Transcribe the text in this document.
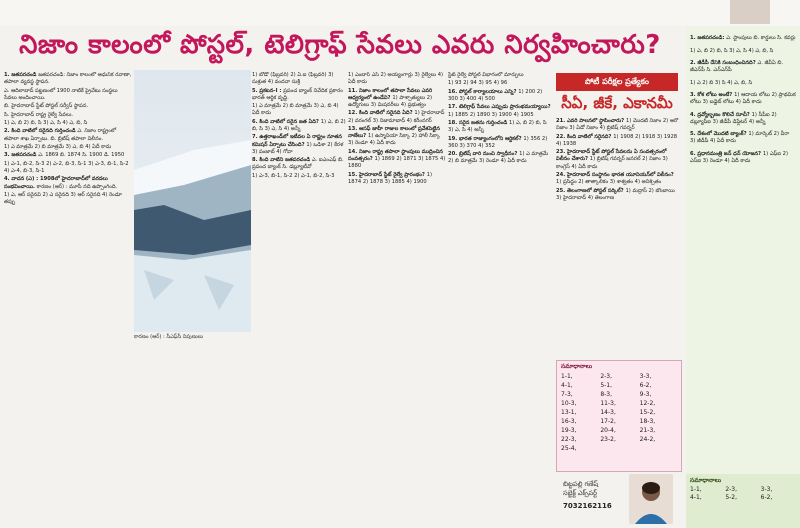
నిజాం కాలంలో పోస్టల్, టెలిగ్రాఫ్ సేవలు ఎవరు నిర్వహించారు?

1. జతపరచండి జతపరచండి: నిజాం కాలంలో ఆధునిక రవాణా, తపాలా వ్యవస్థ స్థాపన.

ఎ. ఆదిలాబాద్ పట్టణంలో 1900 నాటికే ప్రైవేటు సంస్థలు సేవలు అందించాయి.

బి. హైదరాబాద్ స్టేట్ పోస్టల్ సర్వీస్ స్థాపన.

సి. హైదరాబాద్ రాష్ట్ర రైల్వే సేవలు.

1) ఎ, బి 2) బి, సి 3) ఎ, సి 4) ఎ, బి, సి

2. కింది వాటిలో సరైనది గుర్తించండి ఎ. నిజాం రాష్ట్రంలో తపాలా శాఖ ఏర్పాటు. బి. బ్రిటిష్ తపాలా విలీనం.

1) ఎ మాత్రమే 2) బి మాత్రమే 3) ఎ, బి 4) ఏదీ కాదు

3. జతపరచండి ఎ. 1869 బి. 1874 సి. 1900 డి. 1950

1) ఎ-1, బి-2, సి-3 2) ఎ-2, బి-3, సి-1 3) ఎ-3, బి-1, సి-2 4) ఎ-4, బి-3, సి-1

4. వాదన (ఎ) : 1908లో హైదరాబాద్‌లో వరదలు సంభవించాయి. కారణం (ఆర్) : మూసీ నది ఉప్పొంగింది.

1) ఎ, ఆర్ సరైనవి 2) ఎ సరైనది 3) ఆర్ సరైనది 4) రెండూ తప్పు

కారణం (ఆర్‌) : సీఎఫ్‌సీ నిపుణులు

1) బోడో (ఫిబ్రవరి) 2) ఏ.ఐ (ఫిబ్రవరి) 3) సుశ్రుత 4) వందనా సుశ్రీ

5. ప్రకటన-I : ప్రపంచ బ్యాంక్ నివేదిక ప్రకారం భారత్ ఆర్థిక వృద్ధి.

1) ఎ మాత్రమే 2) బి మాత్రమే 3) ఎ, బి 4) ఏదీ కాదు

6. కింది వాటిలో సరైన జత ఏది? 1) ఎ, బి 2) బి, సి 3) ఎ, సి 4) అన్నీ

7. ఉత్తరాఖండ్‌లో ఇటీవల ఏ రాష్ట్రం నూతన కమిషన్ ఏర్పాటు చేసింది? 1) ఒడిశా 2) కేరళ 3) పంజాబ్ 4) గోవా

8. కింది వాటిని జతపరచండి ఎ. ఐఎంఎఫ్ బి. ప్రపంచ బ్యాంక్ సి. డబ్ల్యూటీవో

1) ఎ-3, బి-1, సి-2 2) ఎ-1, బి-2, సి-3

1) ఎంబార్ ఎస్ 2) అయ్యంగార్లు 3) రైల్వేలు 4) ఏదీ కాదు

11. నిజాం కాలంలో తపాలా సేవలు ఎవరి ఆధ్వర్యంలో ఉండేవి? 1) పాశ్చాత్యులు 2) ఉద్యోగులు 3) మిషనరీలు 4) ప్రభుత్వం

12. కింది వాటిలో సరైనది ఏది? 1) హైదరాబాద్ 2) వరంగల్ 3) నిజామాబాద్ 4) కరీంనగర్

13. ఆసఫ్ జాహీ రాజుల కాలంలో ప్రవేశపెట్టిన నాణేలు? 1) ఉస్మానియా సిక్కా 2) హాలీ సిక్కా 3) రెండూ 4) ఏదీ కాదు

14. నిజాం రాష్ట్ర తపాలా స్టాంపులు ముద్రించిన సంవత్సరం? 1) 1869 2) 1871 3) 1875 4) 1880

15. హైదరాబాద్ స్టేట్ రైల్వే ప్రారంభం? 1) 1874 2) 1878 3) 1885 4) 1900

స్టేట్ రైల్వే పోస్టల్ విభాగంలో మార్పులు

1) 93 2) 94 3) 95 4) 96

16. పోస్టల్ కార్యాలయాలు ఎన్ని? 1) 200 2) 300 3) 400 4) 500

17. టెలిగ్రాఫ్ సేవలు ఎప్పుడు ప్రారంభమయ్యాయి? 1) 1885 2) 1890 3) 1900 4) 1905

18. సరైన జతను గుర్తించండి 1) ఎ, బి 2) బి, సి 3) ఎ, సి 4) అన్నీ

19. భారత రాజ్యాంగంలోని ఆర్టికల్? 1) 356 2) 360 3) 370 4) 352

20. బ్రిటిష్ వారి నుంచి స్వాధీనం? 1) ఎ మాత్రమే 2) బి మాత్రమే 3) రెండూ 4) ఏదీ కాదు

పోటీ పరీక్షల ప్రత్యేకం
సీఏ, జీకే, ఎకానమీ

21. ఎవరి పాలనలో స్థాపించారు? 1) మొదటి నిజాం 2) ఆరో నిజాం 3) ఏడో నిజాం 4) బ్రిటిష్ గవర్నర్

22. కింది వాటిలో సరైనది? 1) 1908 2) 1918 3) 1928 4) 1938

23. హైదరాబాద్ స్టేట్ పోస్టల్ సేవలను ఏ సంవత్సరంలో విలీనం చేశారు? 1) బ్రిటిష్ గవర్నర్ జనరల్ 2) నిజాం 3) కాంగ్రెస్ 4) ఏదీ కాదు

24. హైదరాబాద్ సంస్థానం భారత యూనియన్‌లో విలీనం? 1) ప్రసిద్ధం 2) తాత్కాలికం 3) శాశ్వతం 4) అనిశ్చితం

25. తెలంగాణలో పోస్టల్ సర్కిల్? 1) మద్రాస్ 2) బొంబాయి 3) హైదరాబాద్ 4) తెలంగాణ

సమాధానాలు
1-1,	2-3,	3-3,
4-1,	5-1,	6-2,
7-3,	8-3,	9-3,
10-3,	11-3,	12-2,
13-1,	14-3,	15-2,
16-3,	17-2,	18-3,
19-3,	20-4,	21-3,
22-3,	23-2,	24-2,
25-4,
బిట్టపల్లి గణేష్
సబ్జెక్ట్ ఎక్స్‌పర్ట్
7032162116

1. జతపరచండి: ఎ. స్టాంపులు బి. కార్డులు సి. కవర్లు

1) ఎ, బి 2) బి, సి 3) ఎ, సి 4) ఎ, బి, సి

2. జీడీపీ దేనికి సంబంధించినది? ఎ. జీవీఏ బి. జీఎన్‌పీ సి. ఎన్‌ఎన్‌పీ

1) ఎ 2) బి 3) సి 4) ఎ, బి, సి

3. కోశ లోటు అంటే? 1) ఆదాయ లోటు 2) ప్రాథమిక లోటు 3) బడ్జెట్ లోటు 4) ఏదీ కాదు

4. ద్రవ్యోల్బణం కొలిచే సూచీ? 1) సీపీఐ 2) డబ్ల్యూపీఐ 3) జీడీపీ డిఫ్లేటర్ 4) అన్నీ

5. దేశంలో మొదటి బ్యాంక్? 1) మార్కెట్ 2) వీరా 3) జీడీపీ 4) ఏదీ కాదు

6. ప్రధానమంత్రి జన్ ధన్ యోజన? 1) ఎఫ్‌ఐ 2) ఎస్‌ఐ 3) రెండూ 4) ఏదీ కాదు

సమాధానాలు
1-1,	2-3,	3-3,
4-1,	5-2,	6-2,
